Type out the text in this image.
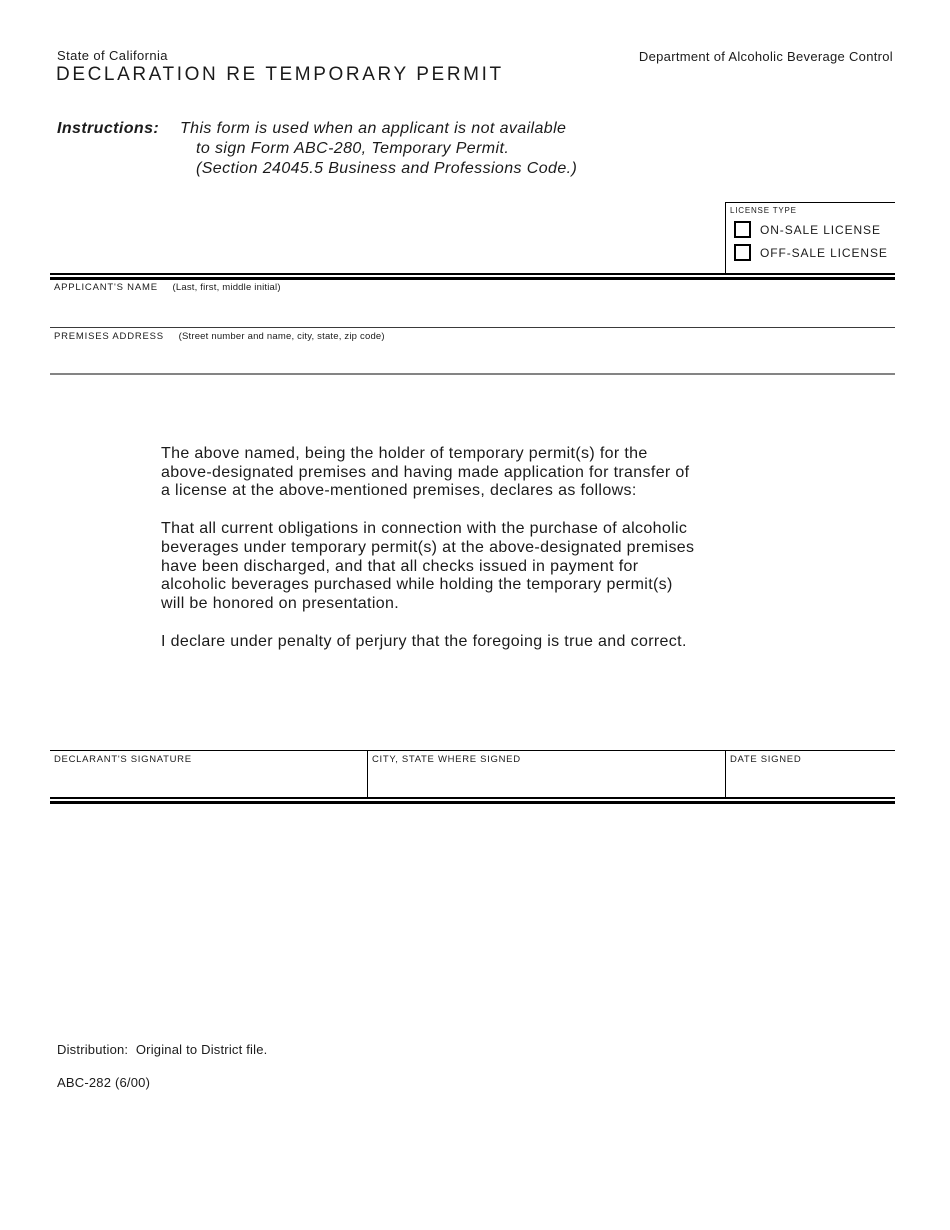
State of California
DECLARATION RE TEMPORARY PERMIT
Department of Alcoholic Beverage Control
Instructions: This form is used when an applicant is not available
to sign Form ABC-280, Temporary Permit.
(Section 24045.5 Business and Professions Code.)
LICENSE TYPE
ON-SALE LICENSE
OFF-SALE LICENSE
APPLICANT'S NAME (Last, first, middle initial)
PREMISES ADDRESS (Street number and name, city, state, zip code)
The above named, being the holder of temporary permit(s) for the
above-designated premises and having made application for transfer of
a license at the above-mentioned premises, declares as follows:
That all current obligations in connection with the purchase of alcoholic
beverages under temporary permit(s) at the above-designated premises
have been discharged, and that all checks issued in payment for
alcoholic beverages purchased while holding the temporary permit(s)
will be honored on presentation.
I declare under penalty of perjury that the foregoing is true and correct.
DECLARANT'S SIGNATURE	CITY, STATE WHERE SIGNED	DATE SIGNED
Distribution:  Original to District file.
ABC-282 (6/00)
